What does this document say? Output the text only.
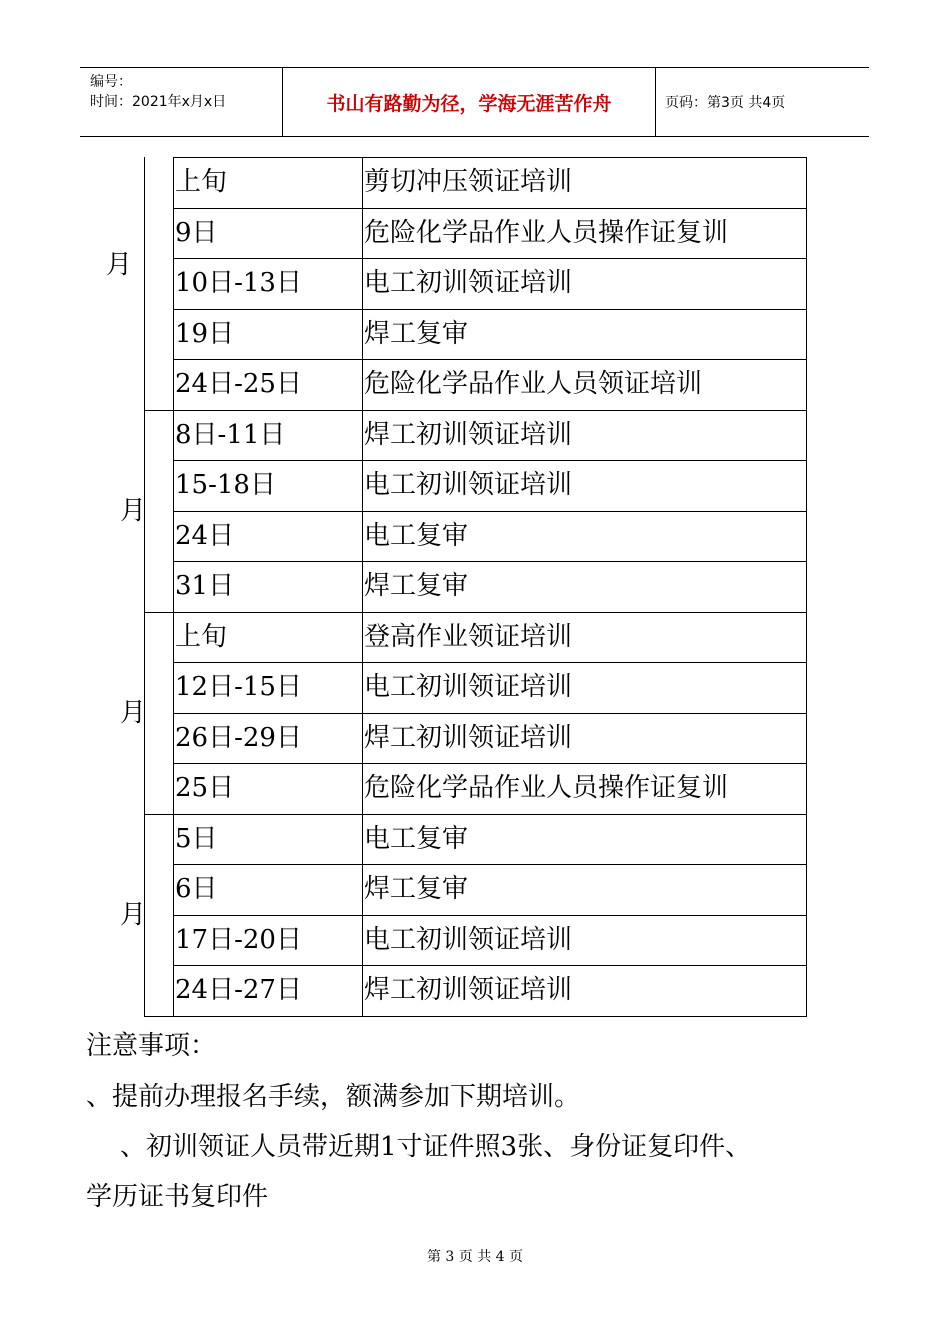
编号：
时间：2021年x月x日	书山有路勤为径，学海无涯苦作舟	页码：第3页 共4页
月
上旬	剪切冲压领证培训
9日	危险化学品作业人员操作证复训
10日-13日 电工初训领证培训
19日	焊工复审
24日-25日 危险化学品作业人员领证培训
月
8日-11日	焊工初训领证培训
15-18日	电工初训领证培训
24日	电工复审
31日	焊工复审
月
上旬	登高作业领证培训
12日-15日 电工初训领证培训
26日-29日 焊工初训领证培训
25日	危险化学品作业人员操作证复训
月
5日	电工复审
6日	焊工复审
17日-20日 电工初训领证培训
24日-27日 焊工初训领证培训
注意事项：
、提前办理报名手续，额满参加下期培训。
、初训领证人员带近期1寸证件照3张、身份证复印件、
学历证书复印件
第 3 页 共 4 页
